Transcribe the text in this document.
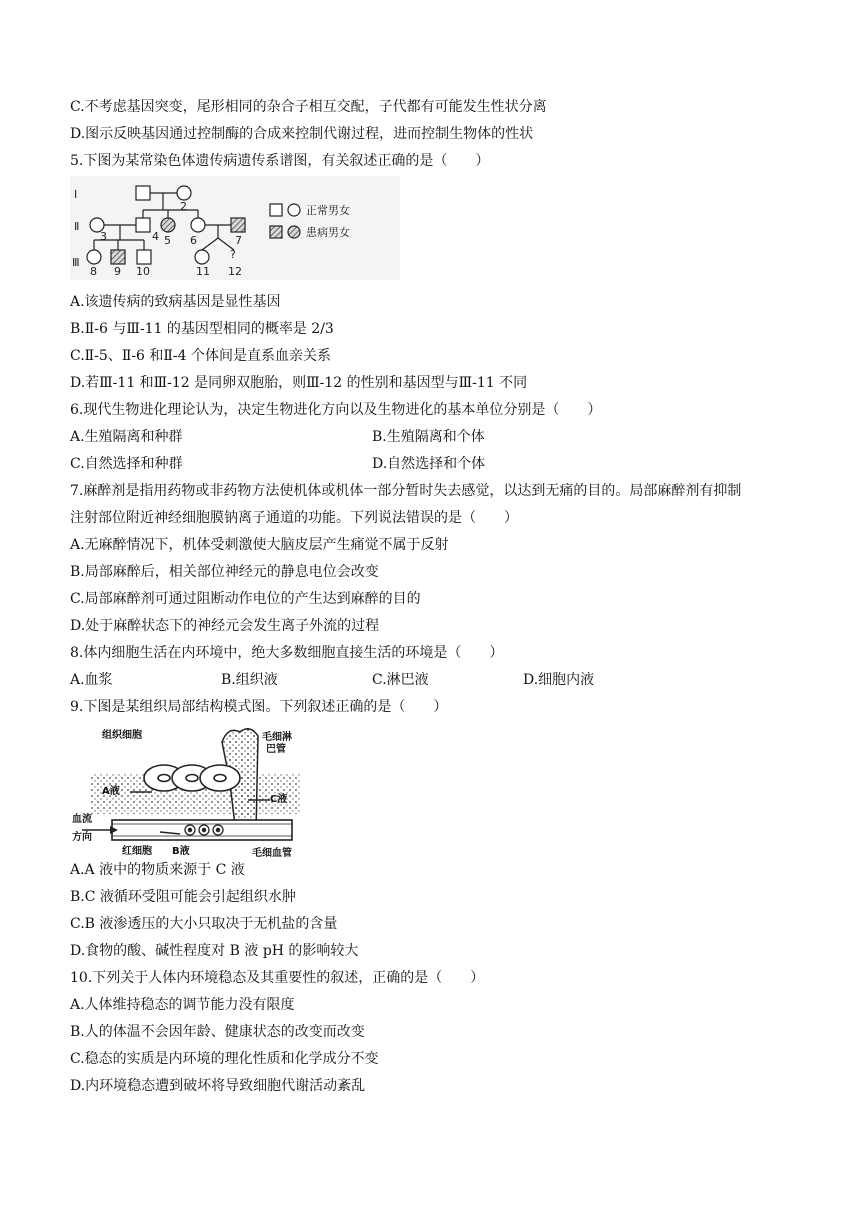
C.不考虑基因突变，尾形相同的杂合子相互交配，子代都有可能发生性状分离
D.图示反映基因通过控制酶的合成来控制代谢过程，进而控制生物体的性状
5.下图为某常染色体遗传病遗传系谱图，有关叙述正确的是（　　）
Ⅰ
Ⅱ
Ⅲ
2
3	4 5 6	7
8 9 10	11
?
12
正常男女
患病男女
A.该遗传病的致病基因是显性基因
B.Ⅱ-6 与Ⅲ-11 的基因型相同的概率是 2/3
C.Ⅱ-5、Ⅱ-6 和Ⅱ-4 个体间是直系血亲关系
D.若Ⅲ-11 和Ⅲ-12 是同卵双胞胎，则Ⅲ-12 的性别和基因型与Ⅲ-11 不同
6.现代生物进化理论认为，决定生物进化方向以及生物进化的基本单位分别是（　　）
A.生殖隔离和种群	B.生殖隔离和个体
C.自然选择和种群	D.自然选择和个体
7.麻醉剂是指用药物或非药物方法使机体或机体一部分暂时失去感觉，以达到无痛的目的。局部麻醉剂有抑制
注射部位附近神经细胞膜钠离子通道的功能。下列说法错误的是（　　）
A.无麻醉情况下，机体受刺激使大脑皮层产生痛觉不属于反射
B.局部麻醉后，相关部位神经元的静息电位会改变
C.局部麻醉剂可通过阻断动作电位的产生达到麻醉的目的
D.处于麻醉状态下的神经元会发生离子外流的过程
8.体内细胞生活在内环境中，绝大多数细胞直接生活的环境是（　　）
A.血浆	B.组织液	C.淋巴液	D.细胞内液
9.下图是某组织局部结构模式图。下列叙述正确的是（　　）
组织细胞	毛细淋
巴管
A液
C液
血流
方向
红细胞 B液	毛细血管
A.A 液中的物质来源于 C 液
B.C 液循环受阻可能会引起组织水肿
C.B 液渗透压的大小只取决于无机盐的含量
D.食物的酸、碱性程度对 B 液 pH 的影响较大
10.下列关于人体内环境稳态及其重要性的叙述，正确的是（　　）
A.人体维持稳态的调节能力没有限度
B.人的体温不会因年龄、健康状态的改变而改变
C.稳态的实质是内环境的理化性质和化学成分不变
D.内环境稳态遭到破坏将导致细胞代谢活动紊乱
